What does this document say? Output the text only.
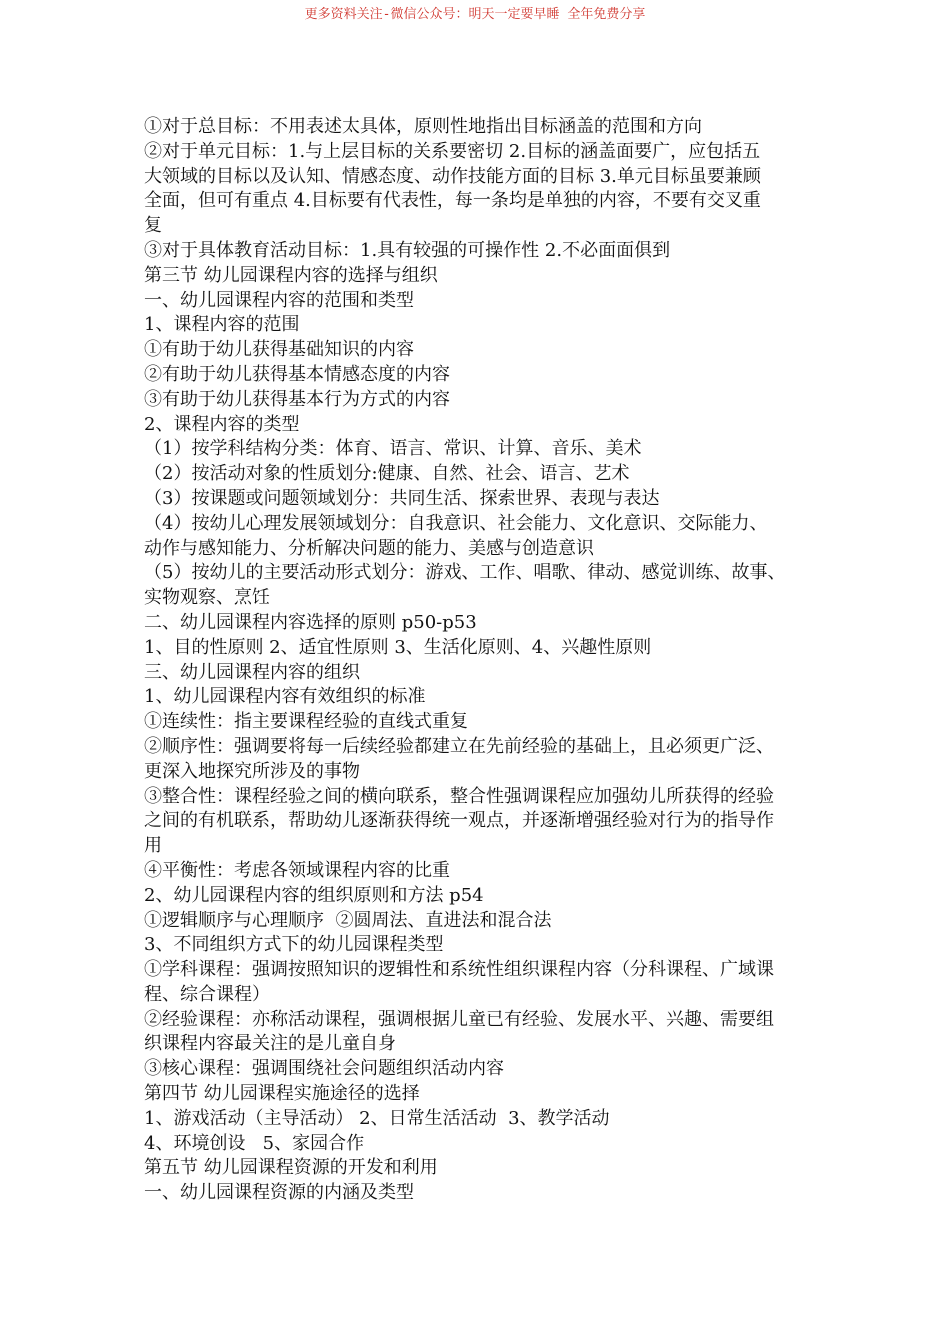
更多资料关注-微信公众号：明天一定要早睡 全年免费分享

①对于总目标：不用表述太具体，原则性地指出目标涵盖的范围和方向

②对于单元目标：1.与上层目标的关系要密切 2.目标的涵盖面要广，应包括五

大领域的目标以及认知、情感态度、动作技能方面的目标 3.单元目标虽要兼顾

全面，但可有重点 4.目标要有代表性，每一条均是单独的内容，不要有交叉重

复

③对于具体教育活动目标：1.具有较强的可操作性 2.不必面面俱到

第三节 幼儿园课程内容的选择与组织

一、幼儿园课程内容的范围和类型

1、课程内容的范围

①有助于幼儿获得基础知识的内容

②有助于幼儿获得基本情感态度的内容

③有助于幼儿获得基本行为方式的内容

2、课程内容的类型

（1）按学科结构分类：体育、语言、常识、计算、音乐、美术

（2）按活动对象的性质划分:健康、自然、社会、语言、艺术

（3）按课题或问题领域划分：共同生活、探索世界、表现与表达

（4）按幼儿心理发展领域划分：自我意识、社会能力、文化意识、交际能力、

动作与感知能力、分析解决问题的能力、美感与创造意识

（5）按幼儿的主要活动形式划分：游戏、工作、唱歌、律动、感觉训练、故事、

实物观察、烹饪

二、幼儿园课程内容选择的原则 p50-p53

1、目的性原则 2、适宜性原则 3、生活化原则、4、兴趣性原则

三、幼儿园课程内容的组织

1、幼儿园课程内容有效组织的标准

①连续性：指主要课程经验的直线式重复

②顺序性：强调要将每一后续经验都建立在先前经验的基础上，且必须更广泛、

更深入地探究所涉及的事物

③整合性：课程经验之间的横向联系，整合性强调课程应加强幼儿所获得的经验

之间的有机联系，帮助幼儿逐渐获得统一观点，并逐渐增强经验对行为的指导作

用

④平衡性：考虑各领域课程内容的比重

2、幼儿园课程内容的组织原则和方法 p54

①逻辑顺序与心理顺序  ②圆周法、直进法和混合法

3、不同组织方式下的幼儿园课程类型

①学科课程：强调按照知识的逻辑性和系统性组织课程内容（分科课程、广域课

程、综合课程）

②经验课程：亦称活动课程，强调根据儿童已有经验、发展水平、兴趣、需要组

织课程内容最关注的是儿童自身

③核心课程：强调围绕社会问题组织活动内容

第四节 幼儿园课程实施途径的选择

1、游戏活动（主导活动） 2、日常生活活动  3、教学活动

4、环境创设   5、家园合作

第五节 幼儿园课程资源的开发和利用

一、幼儿园课程资源的内涵及类型
